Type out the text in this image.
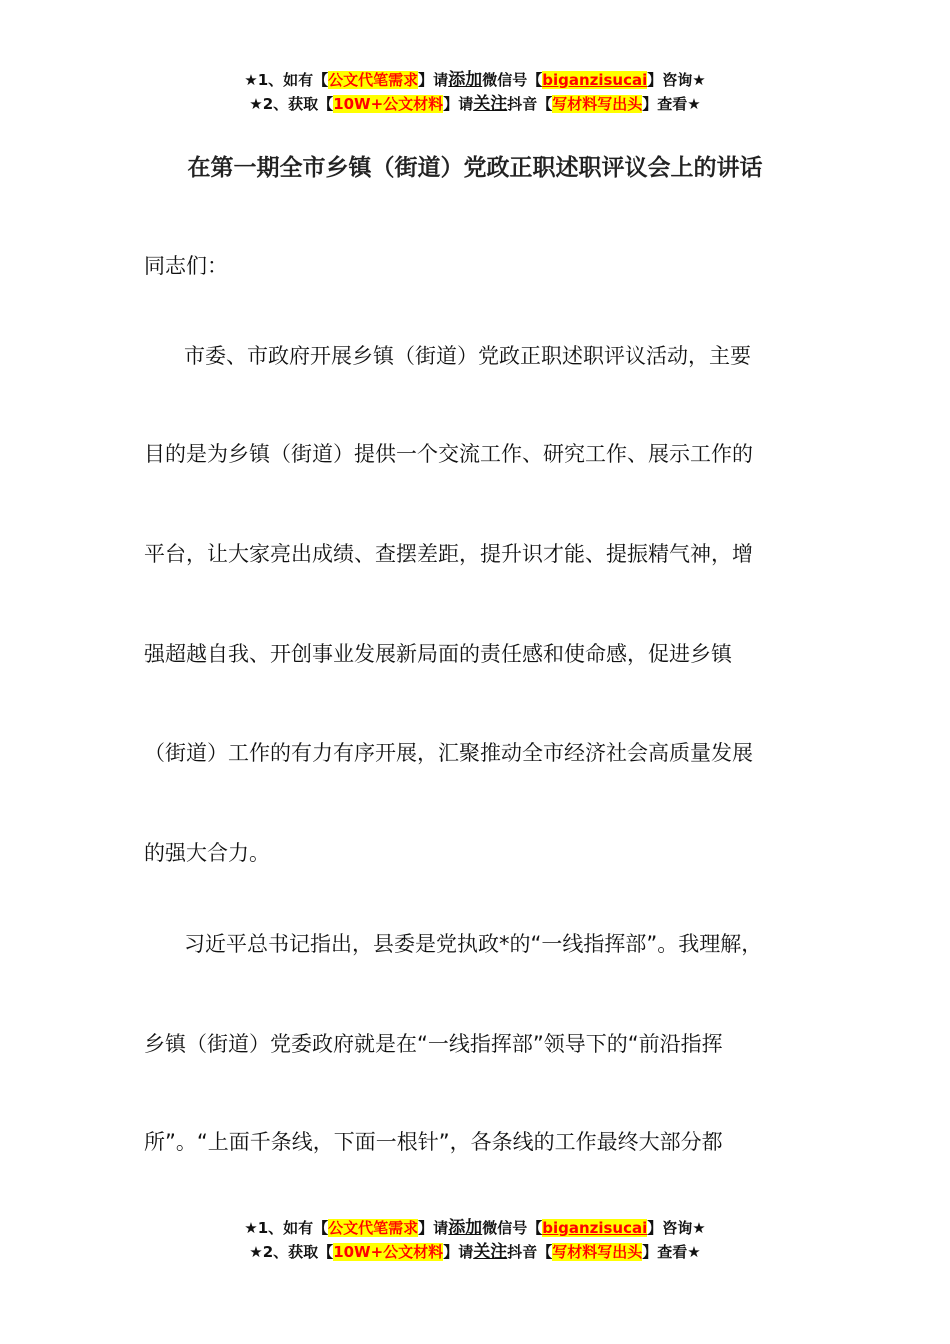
★1、如有【公文代笔需求】请添加微信号【biganzisucai】咨询★
★2、获取【10W+公文材料】请关注抖音【写材料写出头】查看★
在第一期全市乡镇（街道）党政正职述职评议会上的讲话
同志们：
市委、市政府开展乡镇（街道）党政正职述职评议活动，主要
目的是为乡镇（街道）提供一个交流工作、研究工作、展示工作的
平台，让大家亮出成绩、查摆差距，提升识才能、提振精气神，增
强超越自我、开创事业发展新局面的责任感和使命感，促进乡镇
（街道）工作的有力有序开展，汇聚推动全市经济社会高质量发展
的强大合力。
习近平总书记指出，县委是党执政*的“一线指挥部”。我理解，
乡镇（街道）党委政府就是在“一线指挥部”领导下的“前沿指挥
所”。“上面千条线，下面一根针”，各条线的工作最终大部分都
★1、如有【公文代笔需求】请添加微信号【biganzisucai】咨询★
★2、获取【10W+公文材料】请关注抖音【写材料写出头】查看★
